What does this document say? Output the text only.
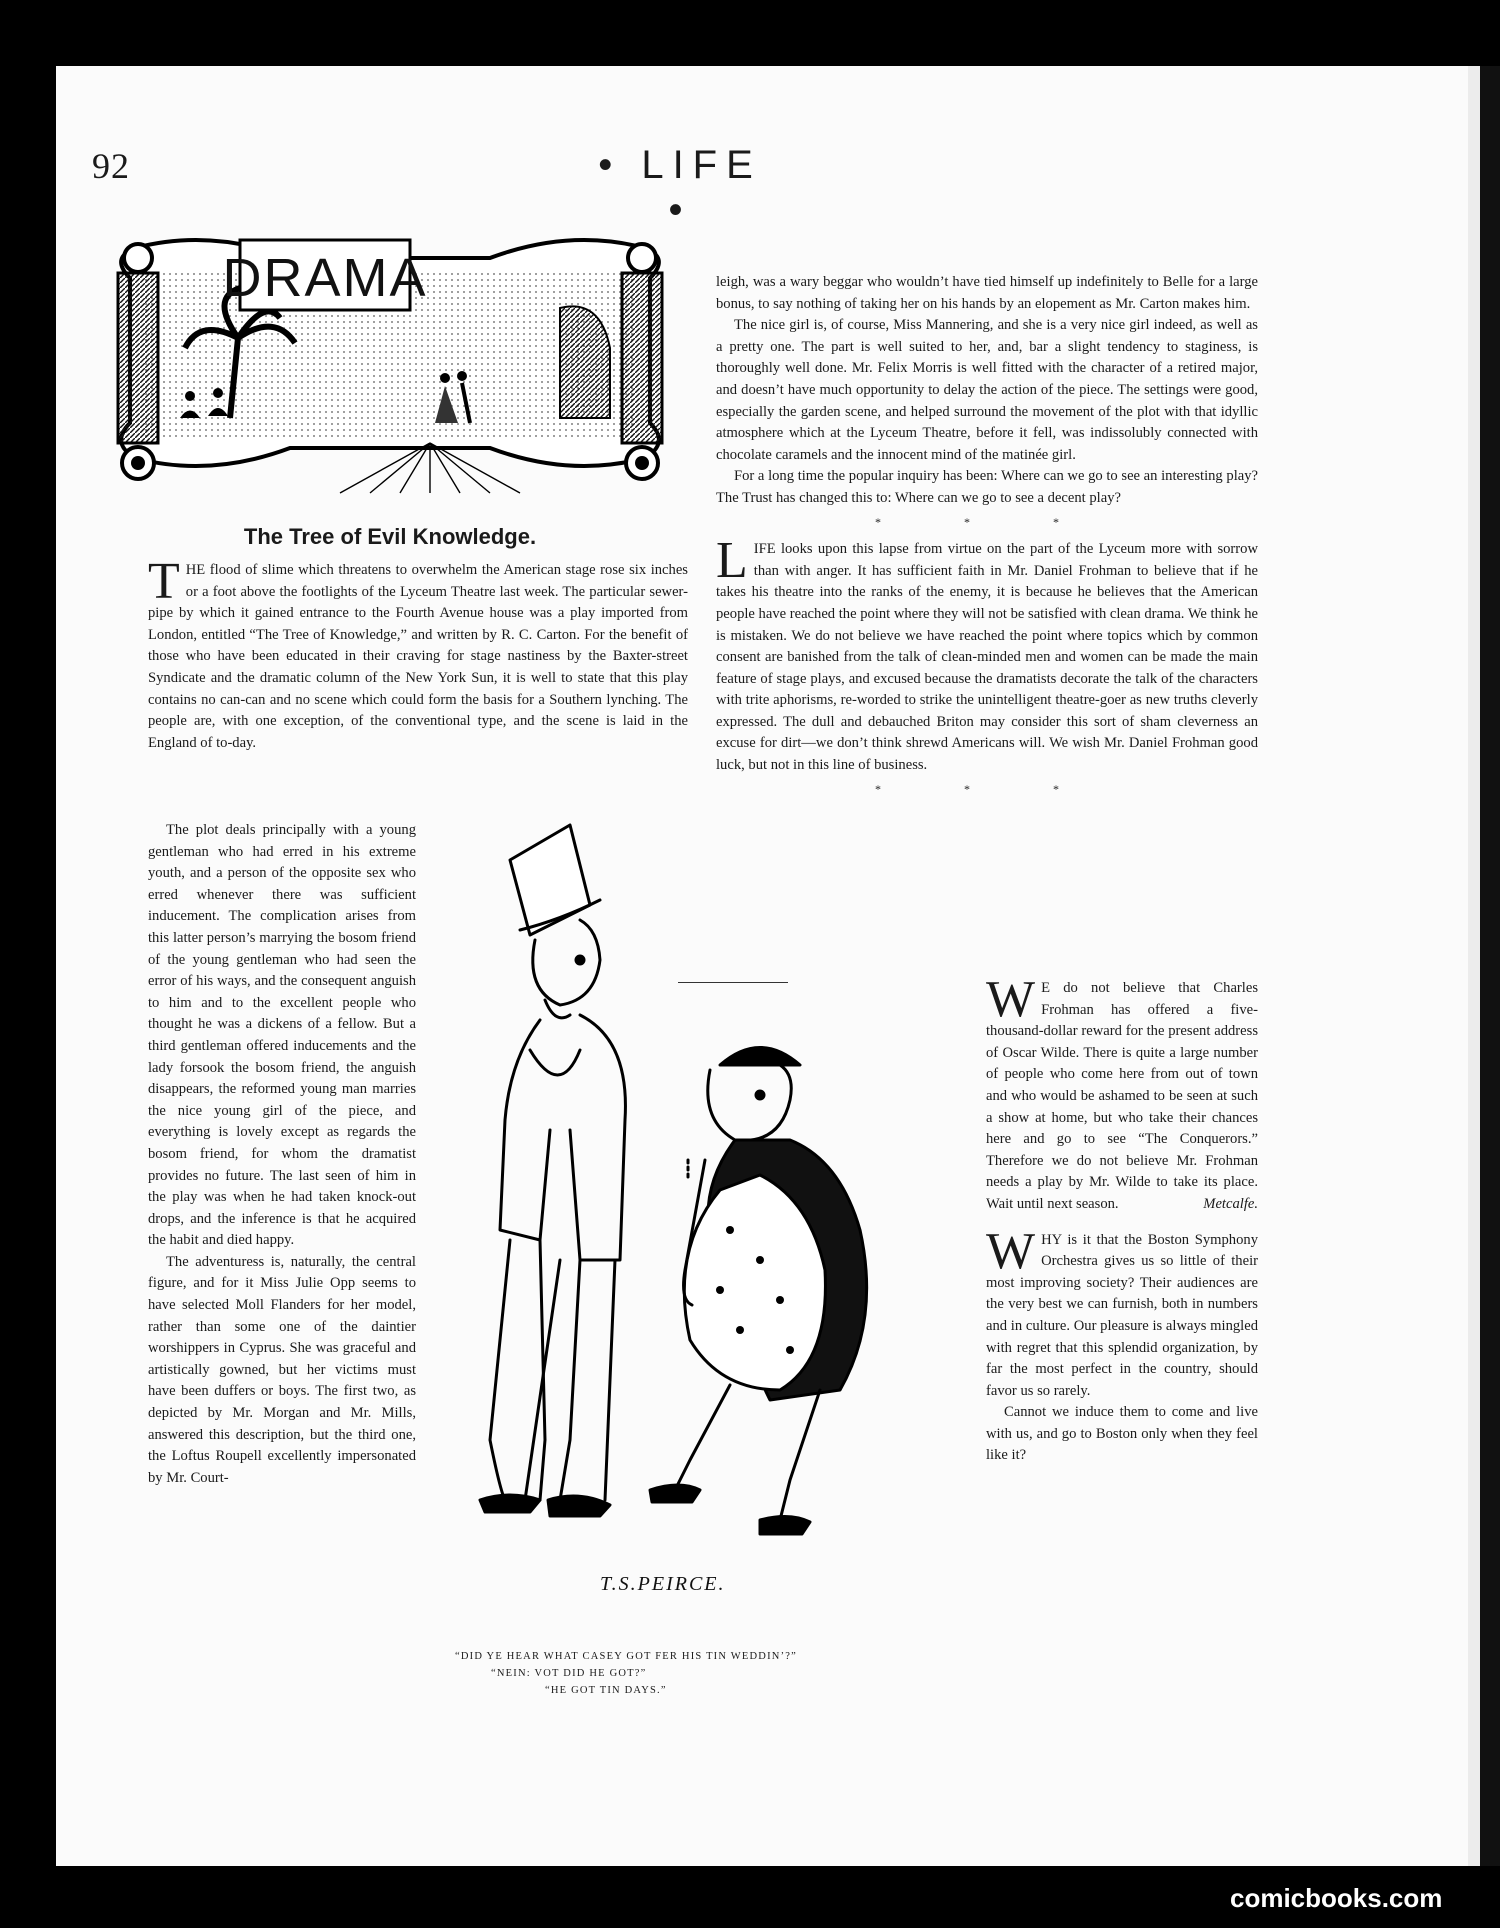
92	• LIFE •
DRAMA
The Tree of Evil Knowledge.

THE flood of slime which threatens to overwhelm the American stage rose six inches or a foot above the footlights of the Lyceum Theatre last week. The particular sewer-pipe by which it gained entrance to the Fourth Avenue house was a play imported from London, entitled “The Tree of Knowledge,” and written by R. C. Carton. For the benefit of those who have been educated in their craving for stage nastiness by the Baxter-street Syndicate and the dramatic column of the New York Sun, it is well to state that this play contains no can-can and no scene which could form the basis for a Southern lynching. The people are, with one exception, of the conventional type, and the scene is laid in the England of to-day.

The plot deals principally with a young gentleman who had erred in his extreme youth, and a person of the opposite sex who erred whenever there was sufficient inducement. The complication arises from this latter person’s marrying the bosom friend of the young gentleman who had seen the error of his ways, and the consequent anguish to him and to the excellent people who thought he was a dickens of a fellow. But a third gentleman offered inducements and the lady forsook the bosom friend, the anguish disappears, the reformed young man marries the nice young girl of the piece, and everything is lovely except as regards the bosom friend, for whom the dramatist provides no future. The last seen of him in the play was when he had taken knock-out drops, and the inference is that he acquired the habit and died happy.

The adventuress is, naturally, the central figure, and for it Miss Julie Opp seems to have selected Moll Flanders for her model, rather than some one of the daintier worshippers in Cyprus. She was graceful and artistically gowned, but her victims must have been duffers or boys. The first two, as depicted by Mr. Morgan and Mr. Mills, answered this description, but the third one, the Loftus Roupell excellently impersonated by Mr. Court-

leigh, was a wary beggar who wouldn’t have tied himself up indefinitely to Belle for a large bonus, to say nothing of taking her on his hands by an elopement as Mr. Carton makes him.

The nice girl is, of course, Miss Mannering, and she is a very nice girl indeed, as well as a pretty one. The part is well suited to her, and, bar a slight tendency to staginess, is thoroughly well done. Mr. Felix Morris is well fitted with the character of a retired major, and doesn’t have much opportunity to delay the action of the piece. The settings were good, especially the garden scene, and helped surround the movement of the plot with that idyllic atmosphere which at the Lyceum Theatre, before it fell, was indissolubly connected with chocolate caramels and the innocent mind of the matinée girl.

For a long time the popular inquiry has been: Where can we go to see an interesting play? The Trust has changed this to: Where can we go to see a decent play?

* * *

LIFE looks upon this lapse from virtue on the part of the Lyceum more with sorrow than with anger. It has sufficient faith in Mr. Daniel Frohman to believe that if he takes his theatre into the ranks of the enemy, it is because he believes that the American people have reached the point where they will not be satisfied with clean drama. We think he is mistaken. We do not believe we have reached the point where topics which by common consent are banished from the talk of clean-minded men and women can be made the main feature of stage plays, and excused because the dramatists decorate the talk of the characters with trite aphorisms, re-worded to strike the unintelligent theatre-goer as new truths cleverly expressed. The dull and debauched Briton may consider this sort of sham cleverness an excuse for dirt—we don’t think shrewd Americans will. We wish Mr. Daniel Frohman good luck, but not in this line of business.

* * *

W E do not believe that Charles Frohman has offered a five-thousand-dollar reward for the present address of Oscar Wilde. There is quite a large number of people who come here from out of town and who would be ashamed to be seen at such a show at home, but who take their chances here and go to see “The Conquerors.” Therefore we do not believe Mr. Frohman needs a play by Mr. Wilde to take its place. Wait until next season.	Metcalfe.

WHY is it that the Boston Symphony Orchestra gives us so little of their most improving society? Their audiences are the very best we can furnish, both in numbers and in culture. Our pleasure is always mingled with regret that this splendid organization, by far the most perfect in the country, should favor us so rarely.

Cannot we induce them to come and live with us, and go to Boston only when they feel like it?

T.S.PEIRCE.
“DID YE HEAR WHAT CASEY GOT FER HIS TIN WEDDIN’?”
“NEIN: VOT DID HE GOT?”
“HE GOT TIN DAYS.”
comicbooks.com
